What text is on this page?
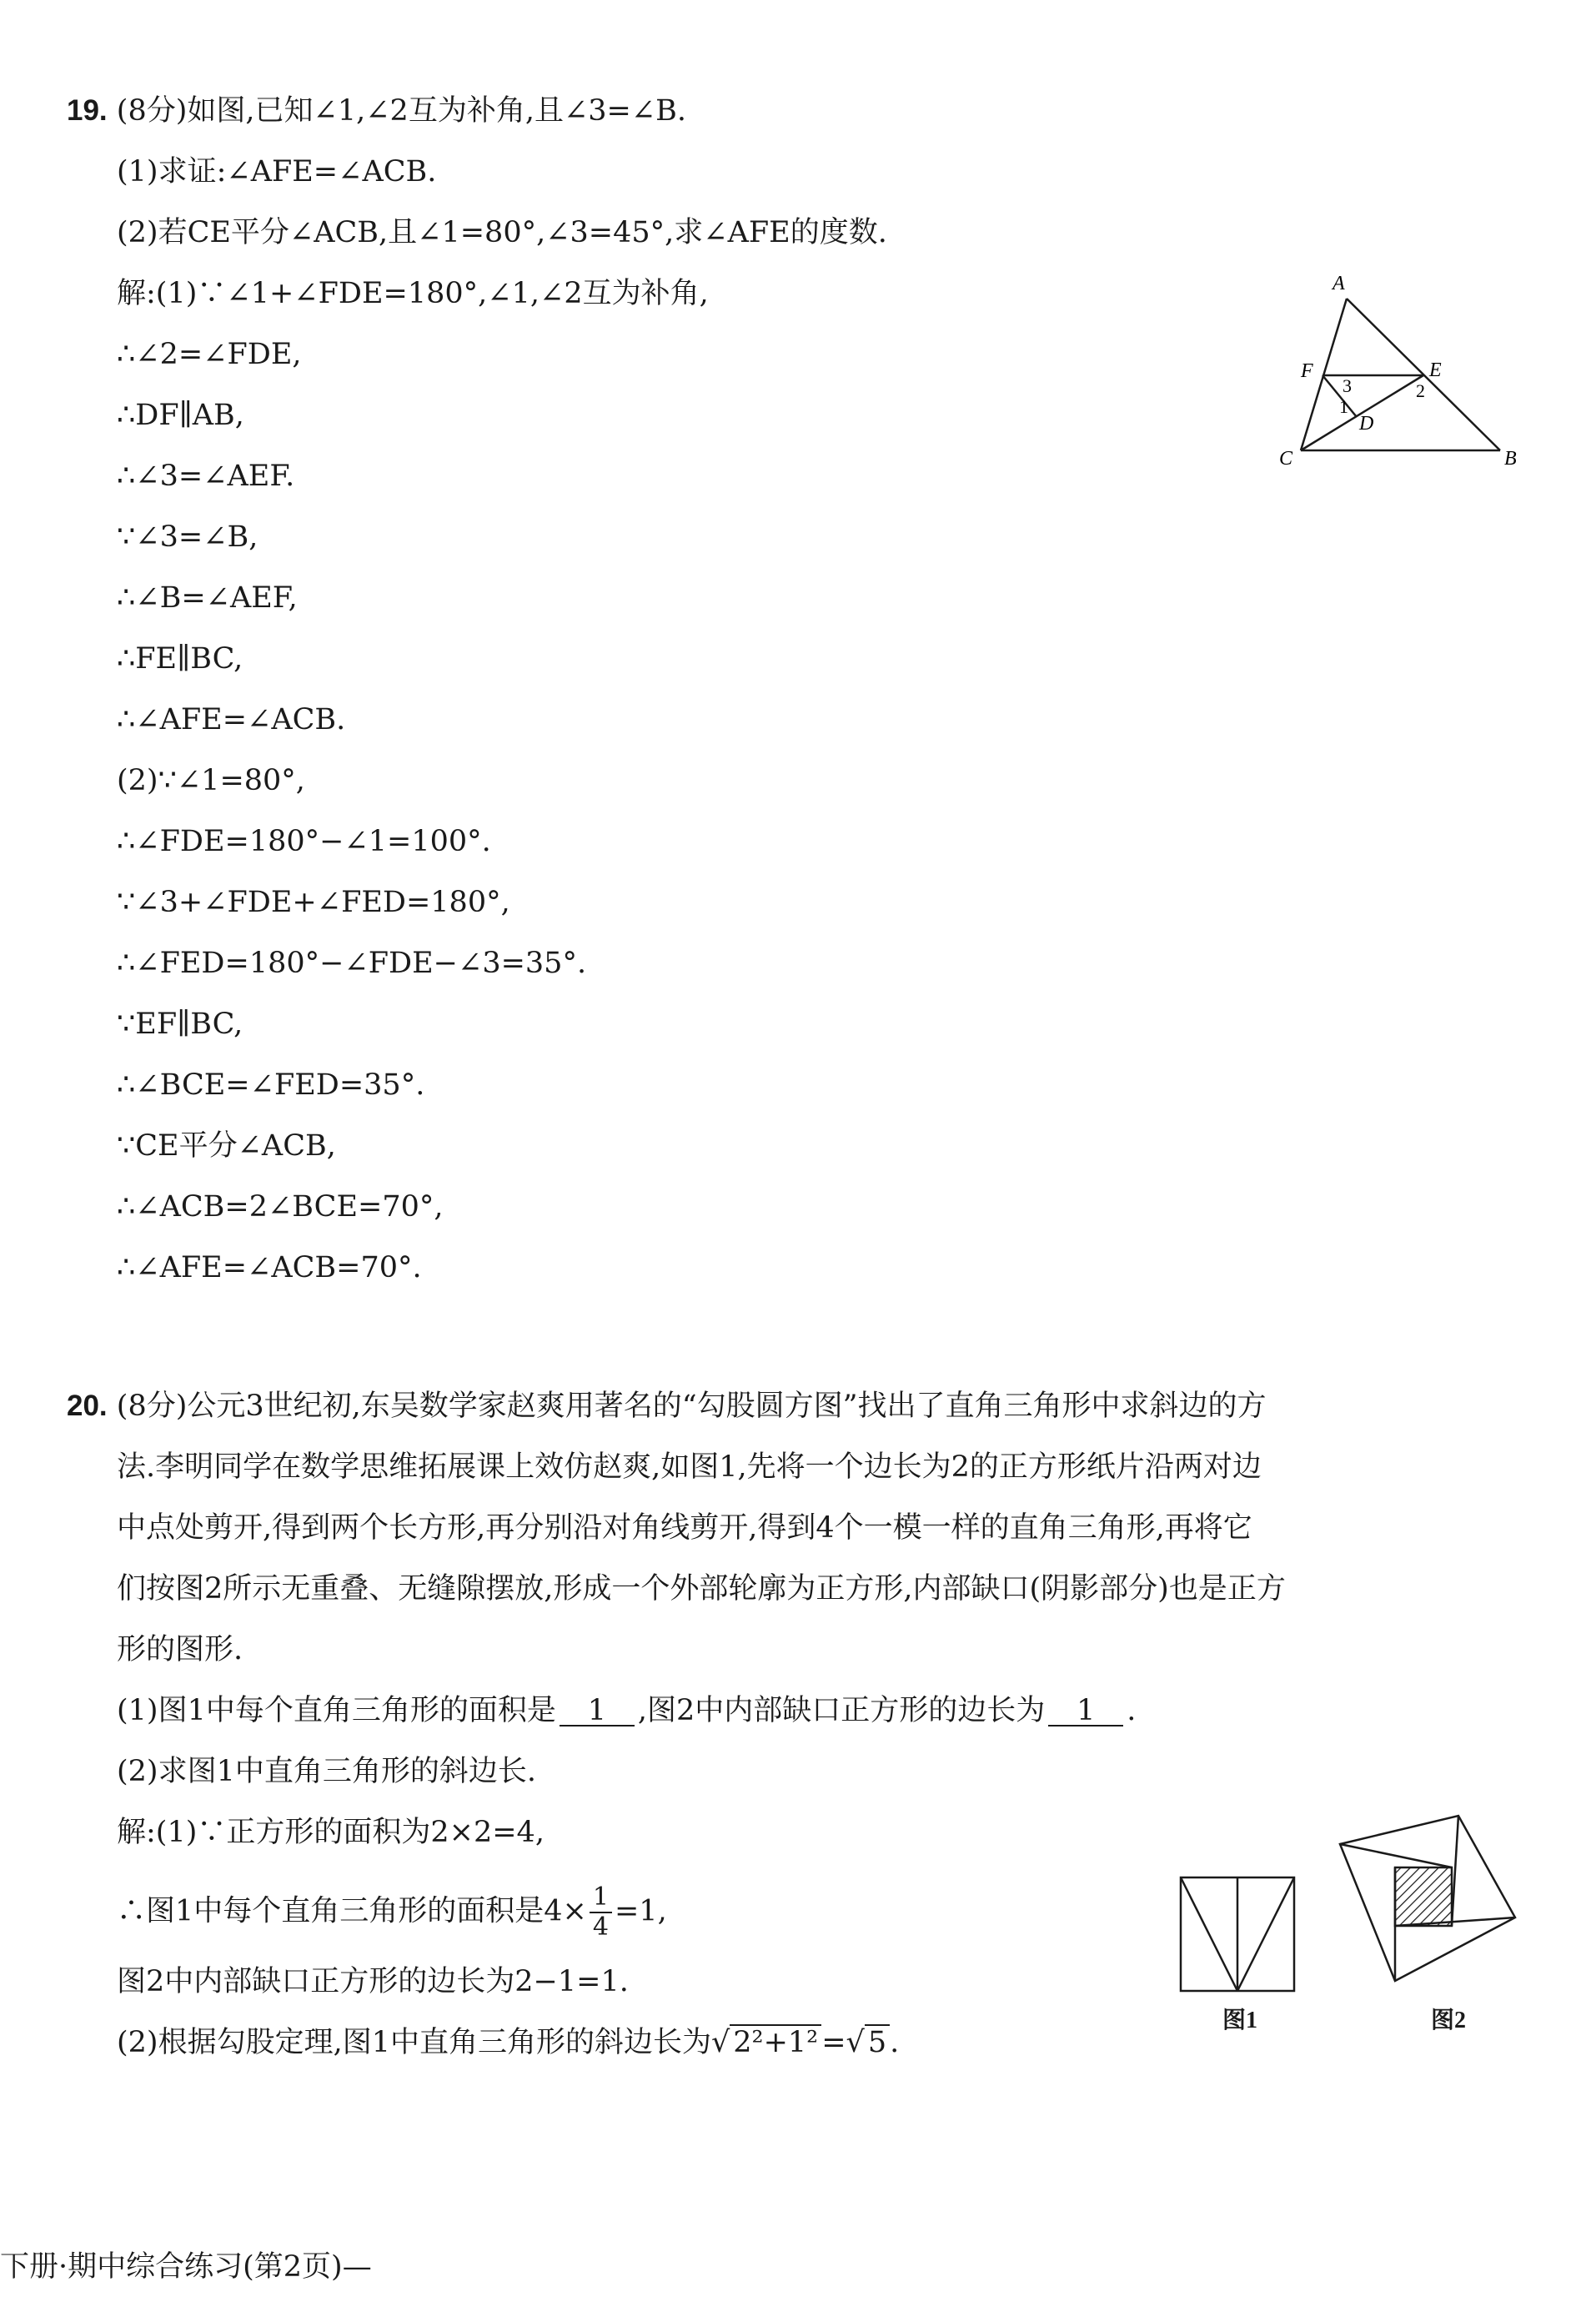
19. (8分)如图,已知∠1,∠2互为补角,且∠3=∠B.
(1)求证:∠AFE=∠ACB.
(2)若CE平分∠ACB,且∠1=80°,∠3=45°,求∠AFE的度数.
解:(1)∵∠1+∠FDE=180°,∠1,∠2互为补角,
∴∠2=∠FDE,
∴DF∥AB,
∴∠3=∠AEF.
∵∠3=∠B,
∴∠B=∠AEF,
∴FE∥BC,
∴∠AFE=∠ACB.
(2)∵∠1=80°,
∴∠FDE=180°−∠1=100°.
∵∠3+∠FDE+∠FED=180°,
∴∠FED=180°−∠FDE−∠3=35°.
∵EF∥BC,
∴∠BCE=∠FED=35°.
∵CE平分∠ACB,
∴∠ACB=2∠BCE=70°,
∴∠AFE=∠ACB=70°.
A
F	E
D
C	B
1
2
3
20. (8分)公元3世纪初,东吴数学家赵爽用著名的“勾股圆方图”找出了直角三角形中求斜边的方
法.李明同学在数学思维拓展课上效仿赵爽,如图1,先将一个边长为2的正方形纸片沿两对边
中点处剪开,得到两个长方形,再分别沿对角线剪开,得到4个一模一样的直角三角形,再将它
们按图2所示无重叠、无缝隙摆放,形成一个外部轮廓为正方形,内部缺口(阴影部分)也是正方
形的图形.
(1)图1中每个直角三角形的面积是 1 ,图2中内部缺口正方形的边长为 1 .
(2)求图1中直角三角形的斜边长.
解:(1)∵正方形的面积为2×2=4,
∴图1中每个直角三角形的面积是$4\times \frac{1}{4} =1$,
图2中内部缺口正方形的边长为2−1=1.
(2)根据勾股定理,图1中直角三角形的斜边长为√ 2²+1² =√ 5 .
图1	图2
下册·期中综合练习(第2页)—
